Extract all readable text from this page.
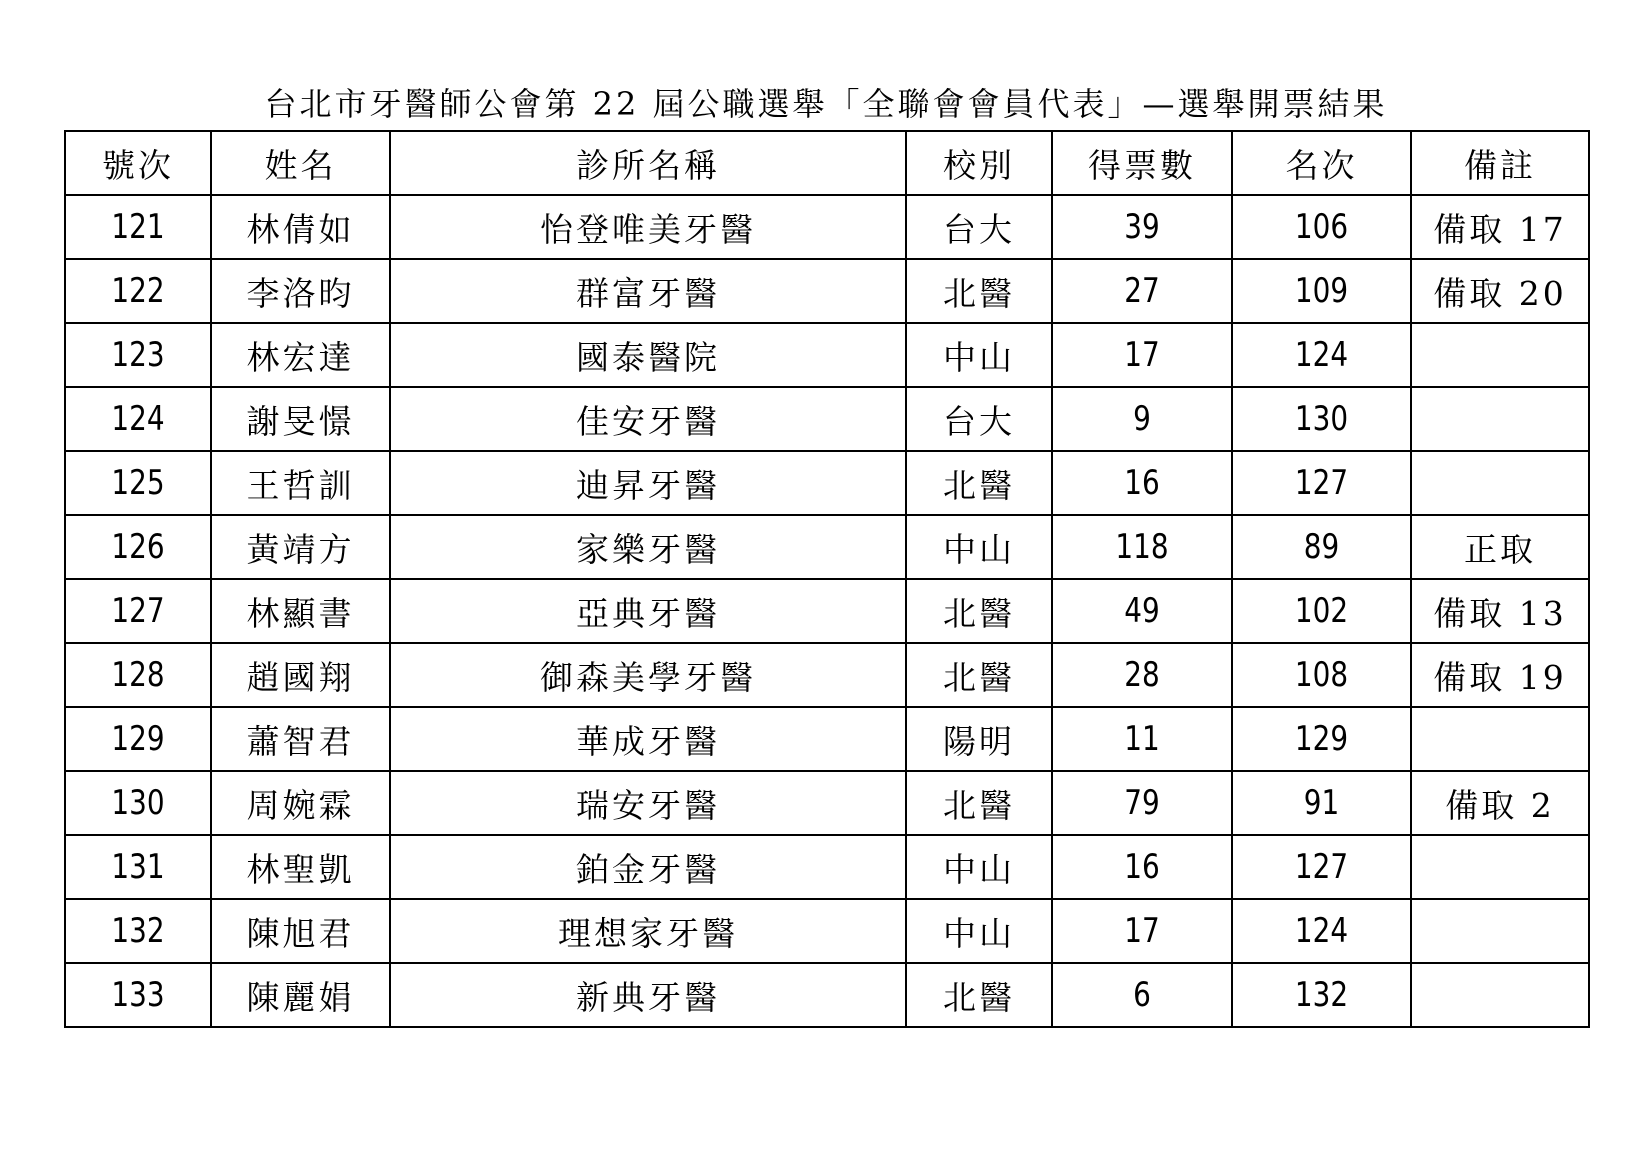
台北市牙醫師公會第 22 屆公職選舉「全聯會會員代表」—選舉開票結果
號次	姓名	診所名稱	校別	得票數	名次	備註
121	林倩如	怡登唯美牙醫	台大	39	106	備取 17
122	李洛昀	群富牙醫	北醫	27	109	備取 20
123	林宏達	國泰醫院	中山	17	124	
124	謝旻憬	佳安牙醫	台大	9	130	
125	王哲訓	迪昇牙醫	北醫	16	127	
126	黃靖方	家樂牙醫	中山	118	89	正取
127	林顯書	亞典牙醫	北醫	49	102	備取 13
128	趙國翔	御森美學牙醫	北醫	28	108	備取 19
129	蕭智君	華成牙醫	陽明	11	129	
130	周婉霖	瑞安牙醫	北醫	79	91	備取 2
131	林聖凱	鉑金牙醫	中山	16	127	
132	陳旭君	理想家牙醫	中山	17	124	
133	陳麗娟	新典牙醫	北醫	6	132	
